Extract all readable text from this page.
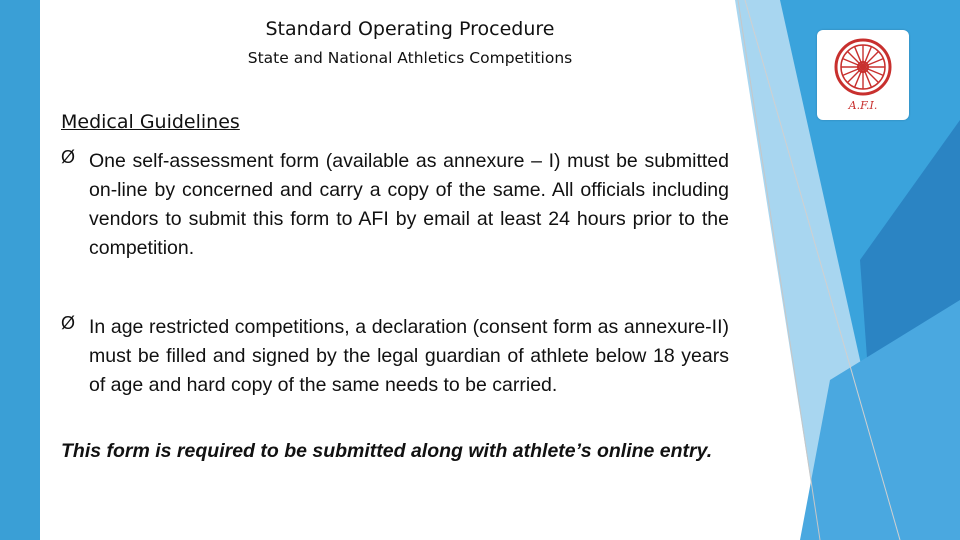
Standard Operating Procedure
State and National Athletics Competitions
A.F.I.
Medical Guidelines
Ø One self-assessment form (available as annexure – I) must be submitted on-line by concerned and carry a copy of the same. All officials including vendors to submit this form to AFI by email at least 24 hours prior to the competition.
Ø In age restricted competitions, a declaration (consent form as annexure-II) must be filled and signed by the legal guardian of athlete below 18 years of age and hard copy of the same needs to be carried.
This form is required to be submitted along with athlete’s online entry.
